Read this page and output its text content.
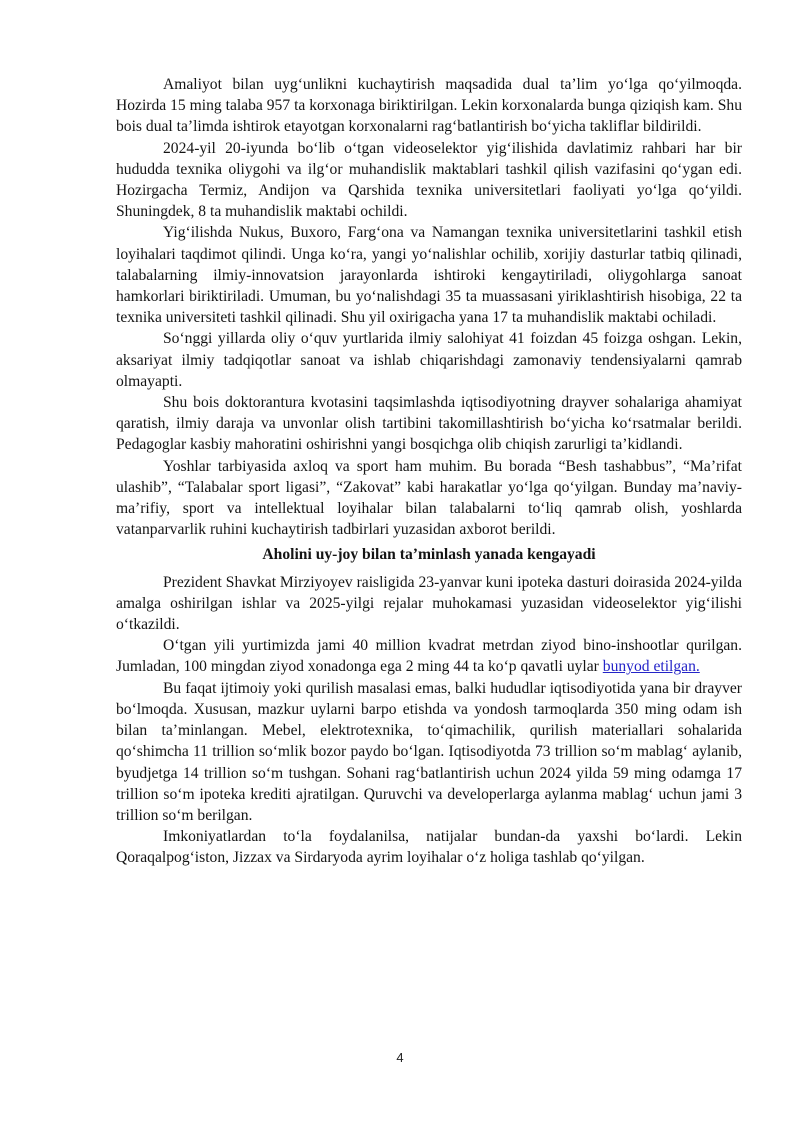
Amaliyot bilan uyg‘unlikni kuchaytirish maqsadida dual ta’lim yo‘lga qo‘yilmoqda. Hozirda 15 ming talaba 957 ta korxonaga biriktirilgan. Lekin korxonalarda bunga qiziqish kam. Shu bois dual ta’limda ishtirok etayotgan korxonalarni rag‘batlantirish bo‘yicha takliflar bildirildi.

2024-yil 20-iyunda bo‘lib o‘tgan videoselektor yig‘ilishida davlatimiz rahbari har bir hududda texnika oliygohi va ilg‘or muhandislik maktablari tashkil qilish vazifasini qo‘ygan edi. Hozirgacha Termiz, Andijon va Qarshida texnika universitetlari faoliyati yo‘lga qo‘yildi. Shuningdek, 8 ta muhandislik maktabi ochildi.

Yig‘ilishda Nukus, Buxoro, Farg‘ona va Namangan texnika universitetlarini tashkil etish loyihalari taqdimot qilindi. Unga ko‘ra, yangi yo‘nalishlar ochilib, xorijiy dasturlar tatbiq qilinadi, talabalarning ilmiy-innovatsion jarayonlarda ishtiroki kengaytiriladi, oliygohlarga sanoat hamkorlari biriktiriladi. Umuman, bu yo‘nalishdagi 35 ta muassasani yiriklashtirish hisobiga, 22 ta texnika universiteti tashkil qilinadi. Shu yil oxirigacha yana 17 ta muhandislik maktabi ochiladi.

So‘nggi yillarda oliy o‘quv yurtlarida ilmiy salohiyat 41 foizdan 45 foizga oshgan. Lekin, aksariyat ilmiy tadqiqotlar sanoat va ishlab chiqarishdagi zamonaviy tendensiyalarni qamrab olmayapti.

Shu bois doktorantura kvotasini taqsimlashda iqtisodiyotning drayver sohalariga ahamiyat qaratish, ilmiy daraja va unvonlar olish tartibini takomillashtirish bo‘yicha ko‘rsatmalar berildi. Pedagoglar kasbiy mahoratini oshirishni yangi bosqichga olib chiqish zarurligi ta’kidlandi.

Yoshlar tarbiyasida axloq va sport ham muhim. Bu borada “Besh tashabbus”, “Ma’rifat ulashib”, “Talabalar sport ligasi”, “Zakovat” kabi harakatlar yo‘lga qo‘yilgan. Bunday ma’naviy-ma’rifiy, sport va intellektual loyihalar bilan talabalarni to‘liq qamrab olish, yoshlarda vatanparvarlik ruhini kuchaytirish tadbirlari yuzasidan axborot berildi.

Aholini uy-joy bilan ta’minlash yanada kengayadi

Prezident Shavkat Mirziyoyev raisligida 23-yanvar kuni ipoteka dasturi doirasida 2024-yilda amalga oshirilgan ishlar va 2025-yilgi rejalar muhokamasi yuzasidan videoselektor yig‘ilishi o‘tkazildi.

O‘tgan yili yurtimizda jami 40 million kvadrat metrdan ziyod bino-inshootlar qurilgan. Jumladan, 100 mingdan ziyod xonadonga ega 2 ming 44 ta ko‘p qavatli uylar bunyod etilgan.

Bu faqat ijtimoiy yoki qurilish masalasi emas, balki hududlar iqtisodiyotida yana bir drayver bo‘lmoqda. Xususan, mazkur uylarni barpo etishda va yondosh tarmoqlarda 350 ming odam ish bilan ta’minlangan. Mebel, elektrotexnika, to‘qimachilik, qurilish materiallari sohalarida qo‘shimcha 11 trillion so‘mlik bozor paydo bo‘lgan. Iqtisodiyotda 73 trillion so‘m mablag‘ aylanib, byudjetga 14 trillion so‘m tushgan. Sohani rag‘batlantirish uchun 2024 yilda 59 ming odamga 17 trillion so‘m ipoteka krediti ajratilgan. Quruvchi va developerlarga aylanma mablag‘ uchun jami 3 trillion so‘m berilgan.

Imkoniyatlardan to‘la foydalanilsa, natijalar bundan-da yaxshi bo‘lardi. Lekin Qoraqalpog‘iston, Jizzax va Sirdaryoda ayrim loyihalar o‘z holiga tashlab qo‘yilgan.

4
